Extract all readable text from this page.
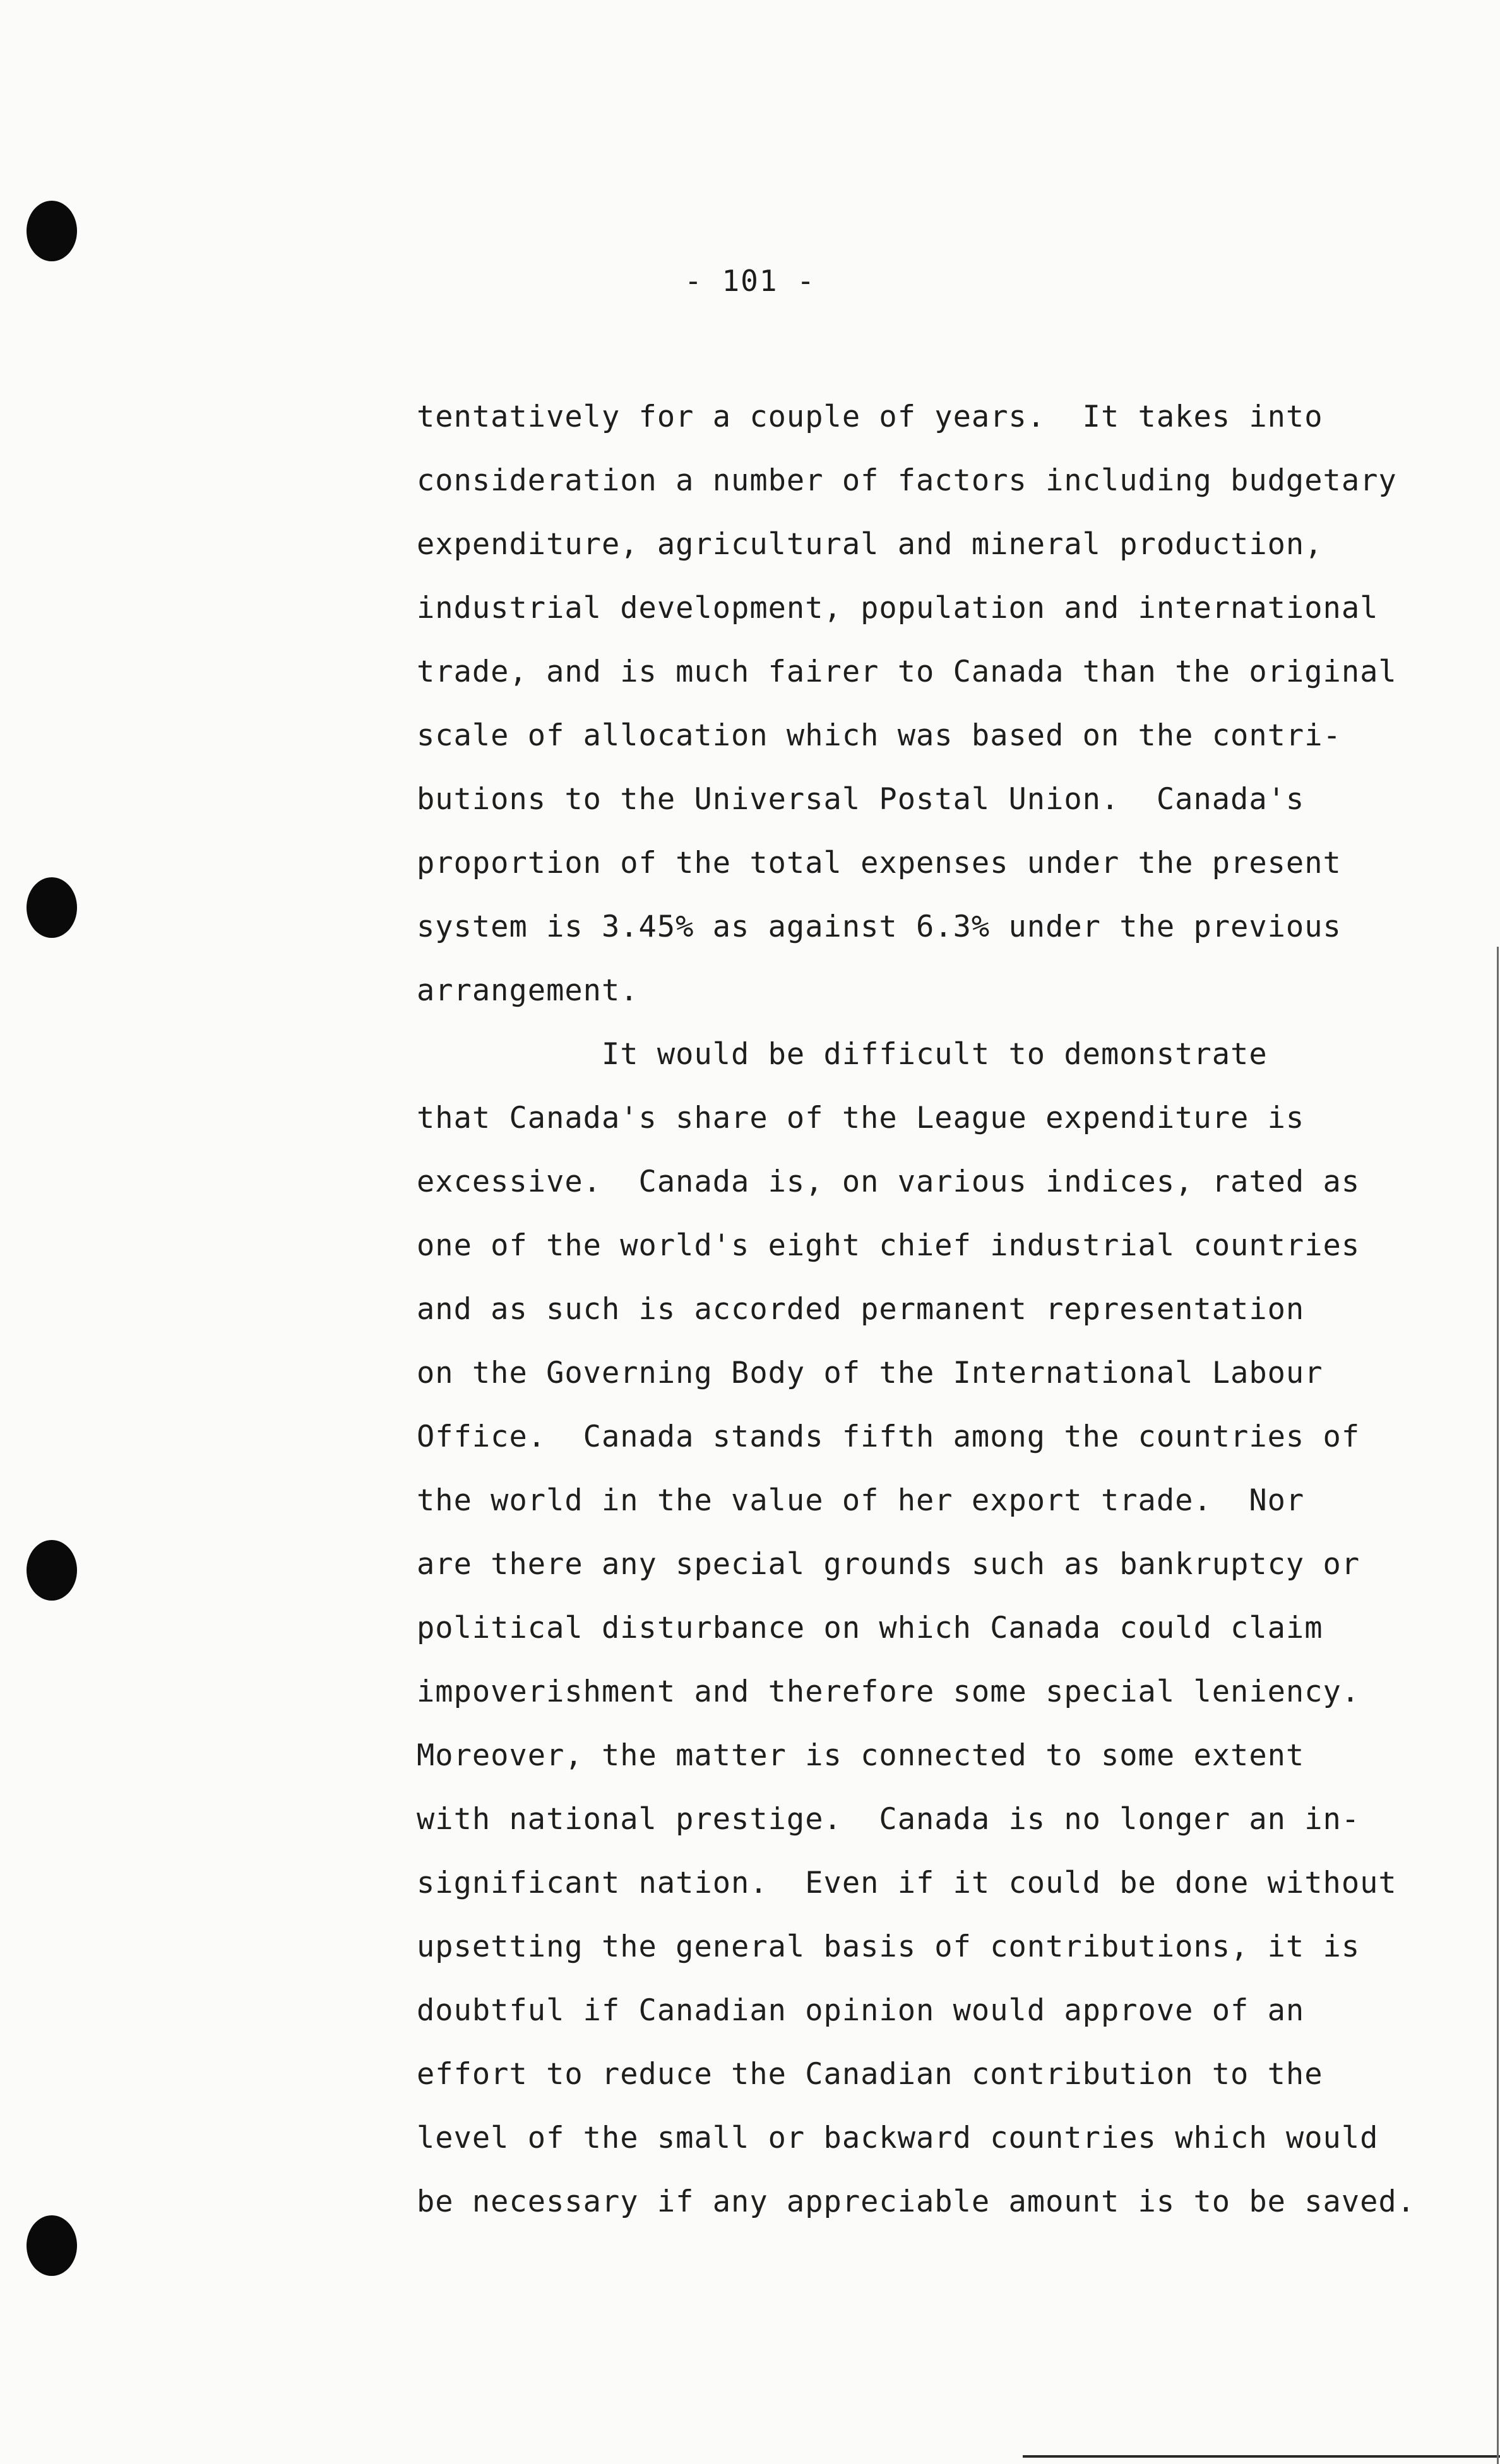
- 101 -
tentatively for a couple of years.  It takes into
consideration a number of factors including budgetary
expenditure, agricultural and mineral production,
industrial development, population and international
trade, and is much fairer to Canada than the original
scale of allocation which was based on the contri-
butions to the Universal Postal Union.  Canada's
proportion of the total expenses under the present
system is 3.45% as against 6.3% under the previous
arrangement.
It would be difficult to demonstrate
that Canada's share of the League expenditure is
excessive.  Canada is, on various indices, rated as
one of the world's eight chief industrial countries
and as such is accorded permanent representation
on the Governing Body of the International Labour
Office.  Canada stands fifth among the countries of
the world in the value of her export trade.  Nor
are there any special grounds such as bankruptcy or
political disturbance on which Canada could claim
impoverishment and therefore some special leniency.
Moreover, the matter is connected to some extent
with national prestige.  Canada is no longer an in-
significant nation.  Even if it could be done without
upsetting the general basis of contributions, it is
doubtful if Canadian opinion would approve of an
effort to reduce the Canadian contribution to the
level of the small or backward countries which would
be necessary if any appreciable amount is to be saved.
